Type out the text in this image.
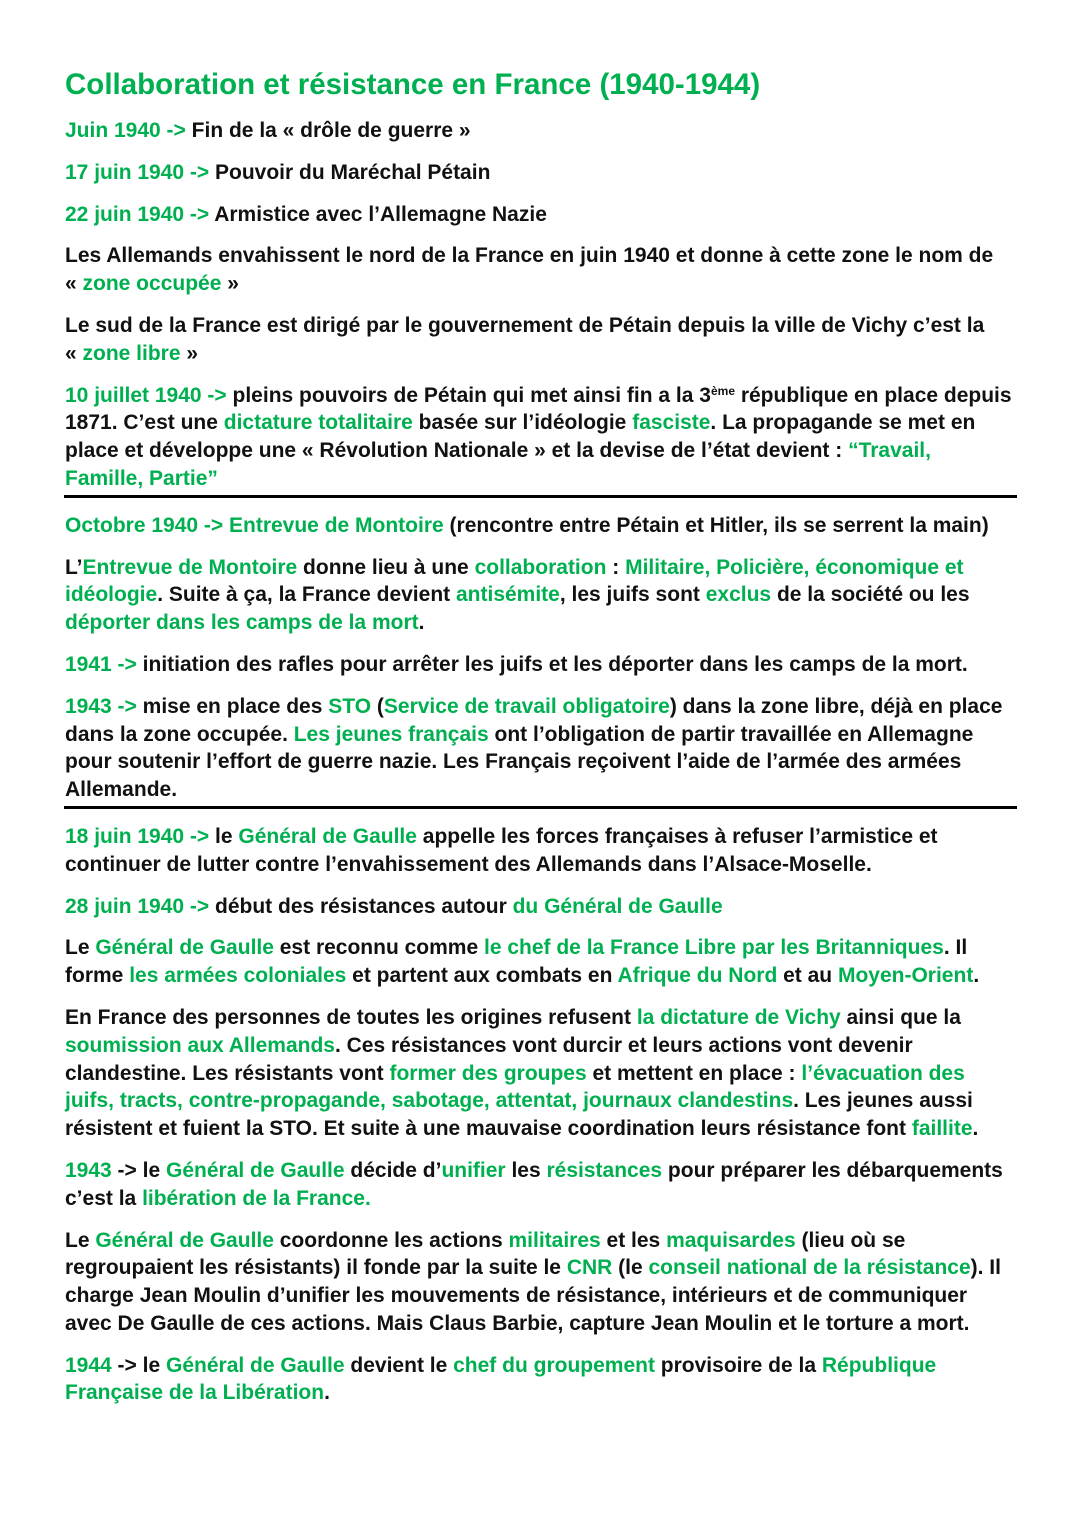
Collaboration et résistance en France (1940-1944)
Juin 1940 -> Fin de la « drôle de guerre »
17 juin 1940 -> Pouvoir du Maréchal Pétain
22 juin 1940 -> Armistice avec l’Allemagne Nazie
Les Allemands envahissent le nord de la France en juin 1940 et donne à cette zone le nom de
« zone occupée »
Le sud de la France est dirigé par le gouvernement de Pétain depuis la ville de Vichy c’est la
« zone libre »
10 juillet 1940 -> pleins pouvoirs de Pétain qui met ainsi fin a la 3ème république en place depuis
1871. C’est une dictature totalitaire basée sur l’idéologie fasciste. La propagande se met en
place et développe une « Révolution Nationale » et la devise de l’état devient : “Travail,
Famille, Partie”
Octobre 1940 -> Entrevue de Montoire (rencontre entre Pétain et Hitler, ils se serrent la main)
L’Entrevue de Montoire donne lieu à une collaboration : Militaire, Policière, économique et
idéologie. Suite à ça, la France devient antisémite, les juifs sont exclus de la société ou les
déporter dans les camps de la mort.
1941 -> initiation des rafles pour arrêter les juifs et les déporter dans les camps de la mort.
1943 -> mise en place des STO (Service de travail obligatoire) dans la zone libre, déjà en place
dans la zone occupée. Les jeunes français ont l’obligation de partir travaillée en Allemagne
pour soutenir l’effort de guerre nazie. Les Français reçoivent l’aide de l’armée des armées
Allemande.
18 juin 1940 -> le Général de Gaulle appelle les forces françaises à refuser l’armistice et
continuer de lutter contre l’envahissement des Allemands dans l’Alsace-Moselle.
28 juin 1940 -> début des résistances autour du Général de Gaulle
Le Général de Gaulle est reconnu comme le chef de la France Libre par les Britanniques. Il
forme les armées coloniales et partent aux combats en Afrique du Nord et au Moyen-Orient.
En France des personnes de toutes les origines refusent la dictature de Vichy ainsi que la
soumission aux Allemands. Ces résistances vont durcir et leurs actions vont devenir
clandestine. Les résistants vont former des groupes et mettent en place : l’évacuation des
juifs, tracts, contre-propagande, sabotage, attentat, journaux clandestins. Les jeunes aussi
résistent et fuient la STO. Et suite à une mauvaise coordination leurs résistance font faillite.
1943 -> le Général de Gaulle décide d’unifier les résistances pour préparer les débarquements
c’est la libération de la France.
Le Général de Gaulle coordonne les actions militaires et les maquisardes (lieu où se
regroupaient les résistants) il fonde par la suite le CNR (le conseil national de la résistance). Il
charge Jean Moulin d’unifier les mouvements de résistance, intérieurs et de communiquer
avec De Gaulle de ces actions. Mais Claus Barbie, capture Jean Moulin et le torture a mort.
1944 -> le Général de Gaulle devient le chef du groupement provisoire de la République
Française de la Libération.
